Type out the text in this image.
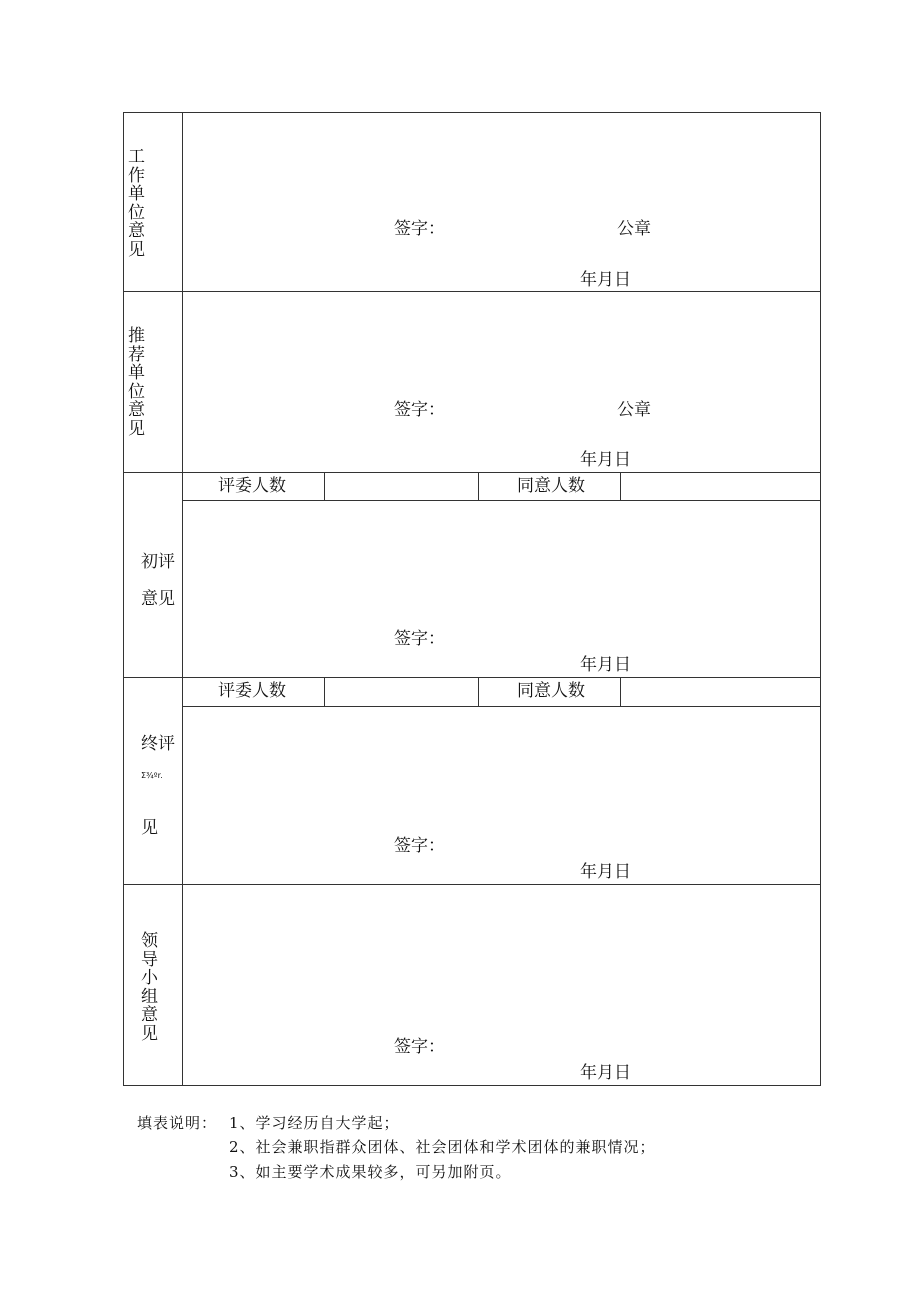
工作单位意见
签字：	公章
年月日
推荐单位意见
签字：	公章
年月日
初评
意见
评委人数	同意人数
签字：
年月日
终评
Σ¾ºr.
见
评委人数	同意人数
签字：
年月日
领导小组意见
签字：
年月日
填表说明： 1、学习经历自大学起；
2、社会兼职指群众团体、社会团体和学术团体的兼职情况；
3、如主要学术成果较多，可另加附页。
